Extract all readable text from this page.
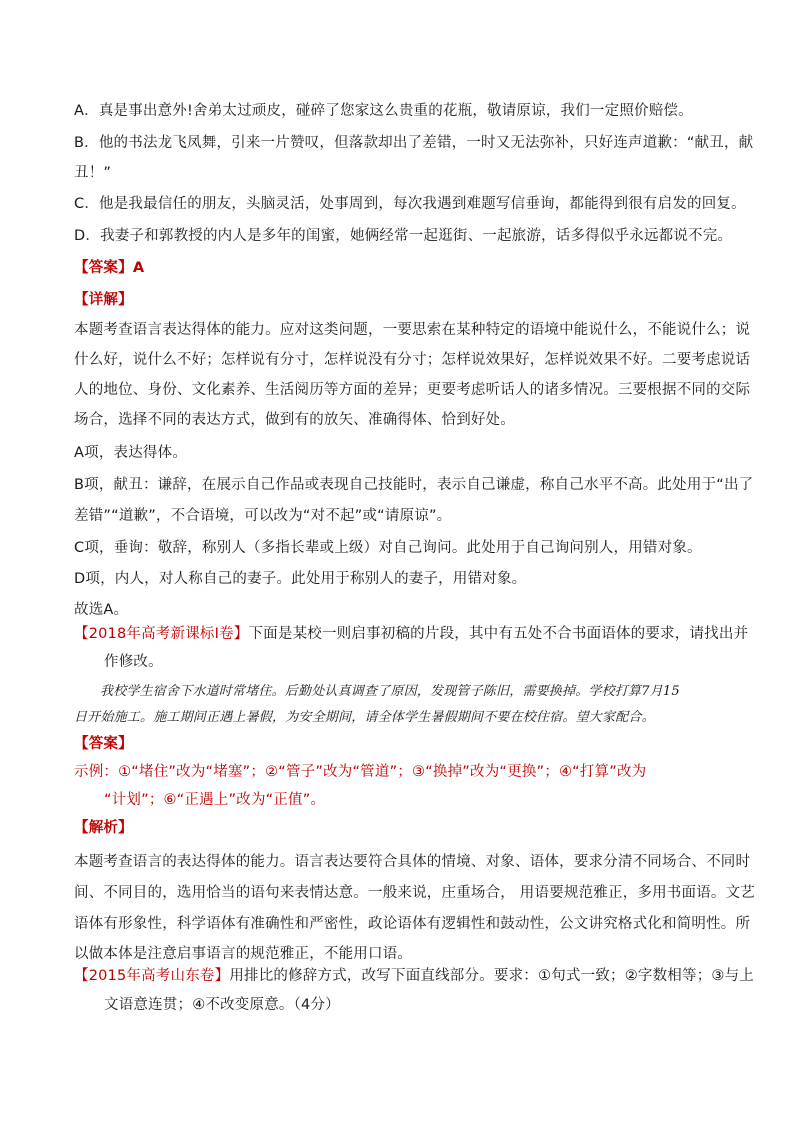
A．真是事出意外!舍弟太过顽皮，碰碎了您家这么贵重的花瓶，敬请原谅，我们一定照价赔偿。
B．他的书法龙飞凤舞，引来一片赞叹，但落款却出了差错，一时又无法弥补，只好连声道歉：“献丑，献
丑！”
C．他是我最信任的朋友，头脑灵活，处事周到，每次我遇到难题写信垂询，都能得到很有启发的回复。
D．我妻子和郭教授的内人是多年的闺蜜，她俩经常一起逛街、一起旅游，话多得似乎永远都说不完。
【答案】A
【详解】
本题考查语言表达得体的能力。应对这类问题，一要思索在某种特定的语境中能说什么，不能说什么；说
什么好，说什么不好；怎样说有分寸，怎样说没有分寸；怎样说效果好，怎样说效果不好。二要考虑说话
人的地位、身份、文化素养、生活阅历等方面的差异；更要考虑听话人的诸多情况。三要根据不同的交际
场合，选择不同的表达方式，做到有的放矢、准确得体、恰到好处。
A项，表达得体。
B项，献丑：谦辞，在展示自己作品或表现自己技能时，表示自己谦虚，称自己水平不高。此处用于“出了
差错”“道歉”，不合语境，可以改为“对不起”或“请原谅”。
C项，垂询：敬辞，称别人（多指长辈或上级）对自己询问。此处用于自己询问别人，用错对象。
D项，内人，对人称自己的妻子。此处用于称别人的妻子，用错对象。
故选A。
【2018年高考新课标Ⅰ卷】下面是某校一则启事初稿的片段，其中有五处不合书面语体的要求，请找出并
作修改。
我校学生宿舍下水道时常堵住。后勤处认真调查了原因，发现管子陈旧，需要换掉。学校打算7月15
日开始施工。施工期间正遇上暑假，为安全期间，请全体学生暑假期间不要在校住宿。望大家配合。
【答案】
示例：①“堵住”改为“堵塞”；②“管子”改为“管道”；③“换掉”改为“更换”；④“打算”改为
“计划”；⑥“正遇上”改为“正值”。
【解析】
本题考查语言的表达得体的能力。语言表达要符合具体的情境、对象、语体，要求分清不同场合、不同时
间、不同目的，选用恰当的语句来表情达意。一般来说，庄重场合， 用语要规范雅正，多用书面语。文艺
语体有形象性，科学语体有准确性和严密性，政论语体有逻辑性和鼓动性，公文讲究格式化和简明性。所
以做本体是注意启事语言的规范雅正，不能用口语。
【2015年高考山东卷】用排比的修辞方式，改写下面直线部分。要求：①句式一致；②字数相等；③与上
文语意连贯；④不改变原意。（4分）
